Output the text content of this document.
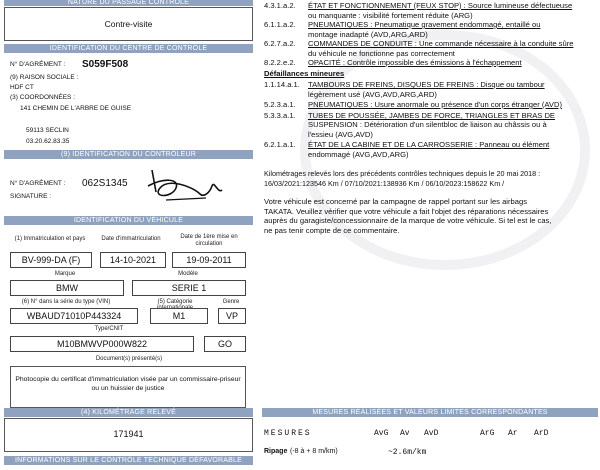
NATURE DU PASSAGE CONTROLE
Contre-visite
IDENTIFICATION DU CENTRE DE CONTRÔLE
N° D'AGRÉMENT : S059F508
(9) RAISON SOCIALE :
HDF CT
(3) COORDONNÉES :
141 CHEMIN DE L'ARBRE DE GUISE
59113 SECLIN
03.20.62.83.35
(9) IDENTIFICATION DU CONTRÔLEUR
N° D'AGRÉMENT : 062S1345
SIGNATURE :
IDENTIFICATION DU VÉHICULE
(1) Immatriculation et pays	Date d'immatriculation	Date de 1ère mise en circulation
BV-999-DA (F)	14-10-2021	19-09-2011
Marque	Modèle
BMW	SERIE 1
(6) N° dans la série du type (VIN)	(5) Catégorie internationale
Genre
WBAUD71010P443324	M1	VP
Type/CNIT
M10BMWVP000W822	GO
Document(s) présenté(s)
Photocopie du certificat d'immatriculation visée par un commissaire-priseur ou un huissier de justice
(4) KILOMÉTRAGE RELEVÉ
171941
INFORMATIONS SUR LE CONTRÔLE TECHNIQUE DÉFAVORABLE
4.3.1.a.2. ÉTAT ET FONCTIONNEMENT (FEUX STOP) : Source lumineuse défectueuse
ou manquante : visibilité fortement réduite (ARG)
6.1.1.a.2. PNEUMATIQUES : Pneumatique gravement endommagé, entaillé ou
montage inadapté (AVD,ARG,ARD)
6.2.7.a.2. COMMANDES DE CONDUITE : Une commande nécessaire à la conduite sûre
du véhicule ne fonctionne pas correctement
8.2.2.e.2. OPACITÉ : Contrôle impossible des émissions à l'échappement
Défaillances mineures
1.1.14.a.1. TAMBOURS DE FREINS, DISQUES DE FREINS : Disque ou tambour
légèrement usé (AVG,AVD,ARG,ARD)
5.2.3.a.1. PNEUMATIQUES : Usure anormale ou présence d'un corps étranger (AVD)
5.3.3.a.1. TUBES DE POUSSÉE, JAMBES DE FORCE, TRIANGLES ET BRAS DE
SUSPENSION : Détérioration d'un silentbloc de liaison au châssis ou à
l'essieu (AVG,AVD)
6.2.1.a.1. ÉTAT DE LA CABINE ET DE LA CARROSSERIE : Panneau ou élément
endommagé (AVG,AVD,ARG)
Kilométrages relevés lors des précédents contrôles techniques depuis le 20 mai 2018 :
16/03/2021:123546 Km / 07/10/2021:138936 Km / 06/10/2023:158622 Km /
Votre véhicule est concerné par la campagne de rappel portant sur les airbags
TAKATA. Veuillez vérifier que votre véhicule a fait l'objet des réparations nécessaires
auprès du garagiste/concessionnaire de la marque de votre véhicule. Si tel est le cas,
ne pas tenir compte de ce commentaire.
MESURES RÉALISÉES ET VALEURS LIMITES CORRESPONDANTES
MESURES	AvG Av AvD	ArG Ar ArD
Ripage (-8 à + 8 m/km)	~2.6m/km
